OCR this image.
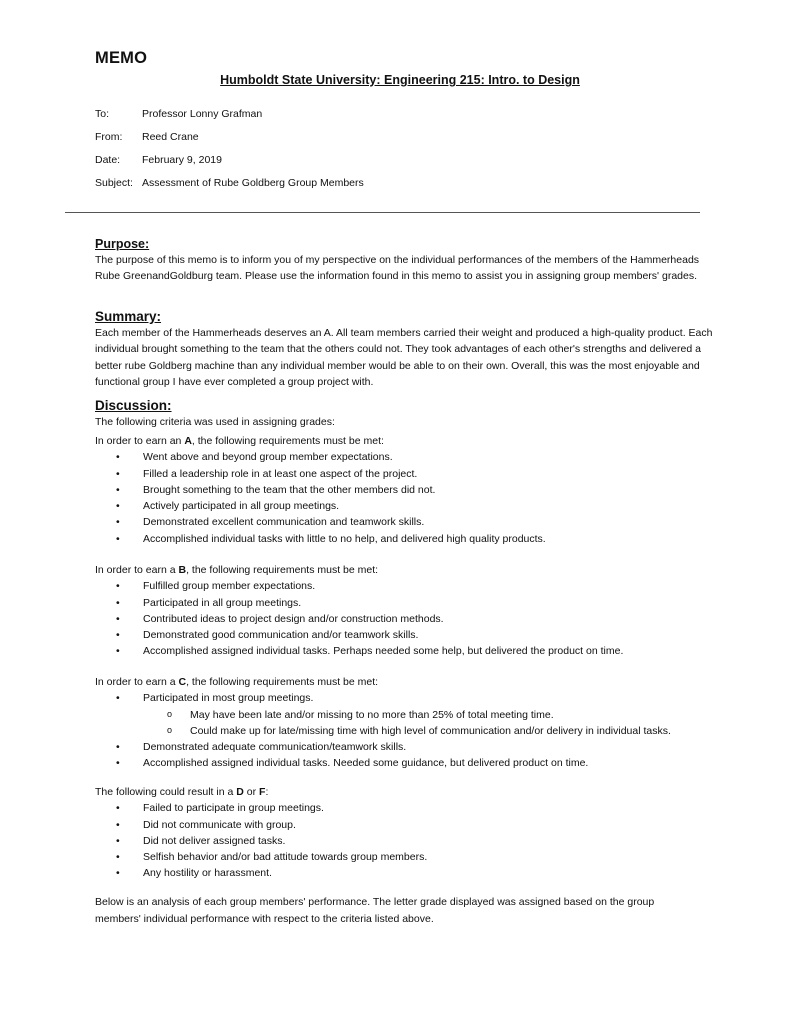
MEMO
Humboldt State University: Engineering 215: Intro. to Design
To:	Professor Lonny Grafman
From: Reed Crane
Date: February 9, 2019
Subject: Assessment of Rube Goldberg Group Members
Purpose:

The purpose of this memo is to inform you of my perspective on the individual performances of the members of the Hammerheads Rube GreenandGoldburg team. Please use the information found in this memo to assist you in assigning group members' grades.

Summary:

Each member of the Hammerheads deserves an A. All team members carried their weight and produced a high-quality product. Each individual brought something to the team that the others could not. They took advantages of each other's strengths and delivered a better rube Goldberg machine than any individual member would be able to on their own. Overall, this was the most enjoyable and functional group I have ever completed a group project with.

Discussion:

The following criteria was used in assigning grades:

In order to earn an A, the following requirements must be met:

• Went above and beyond group member expectations.
• Filled a leadership role in at least one aspect of the project.
• Brought something to the team that the other members did not.
• Actively participated in all group meetings.
• Demonstrated excellent communication and teamwork skills.
• Accomplished individual tasks with little to no help, and delivered high quality products.

In order to earn a B, the following requirements must be met:

• Fulfilled group member expectations.
• Participated in all group meetings.
• Contributed ideas to project design and/or construction methods.
• Demonstrated good communication and/or teamwork skills.
• Accomplished assigned individual tasks. Perhaps needed some help, but delivered the product on time.

In order to earn a C, the following requirements must be met:

• Participated in most group meetings.
o May have been late and/or missing to no more than 25% of total meeting time.
o Could make up for late/missing time with high level of communication and/or delivery in individual tasks.
• Demonstrated adequate communication/teamwork skills.
• Accomplished assigned individual tasks. Needed some guidance, but delivered product on time.

The following could result in a D or F:

• Failed to participate in group meetings.
• Did not communicate with group.
• Did not deliver assigned tasks.
• Selfish behavior and/or bad attitude towards group members.
• Any hostility or harassment.
Below is an analysis of each group members' performance. The letter grade displayed was assigned based on the group members' individual performance with respect to the criteria listed above.
